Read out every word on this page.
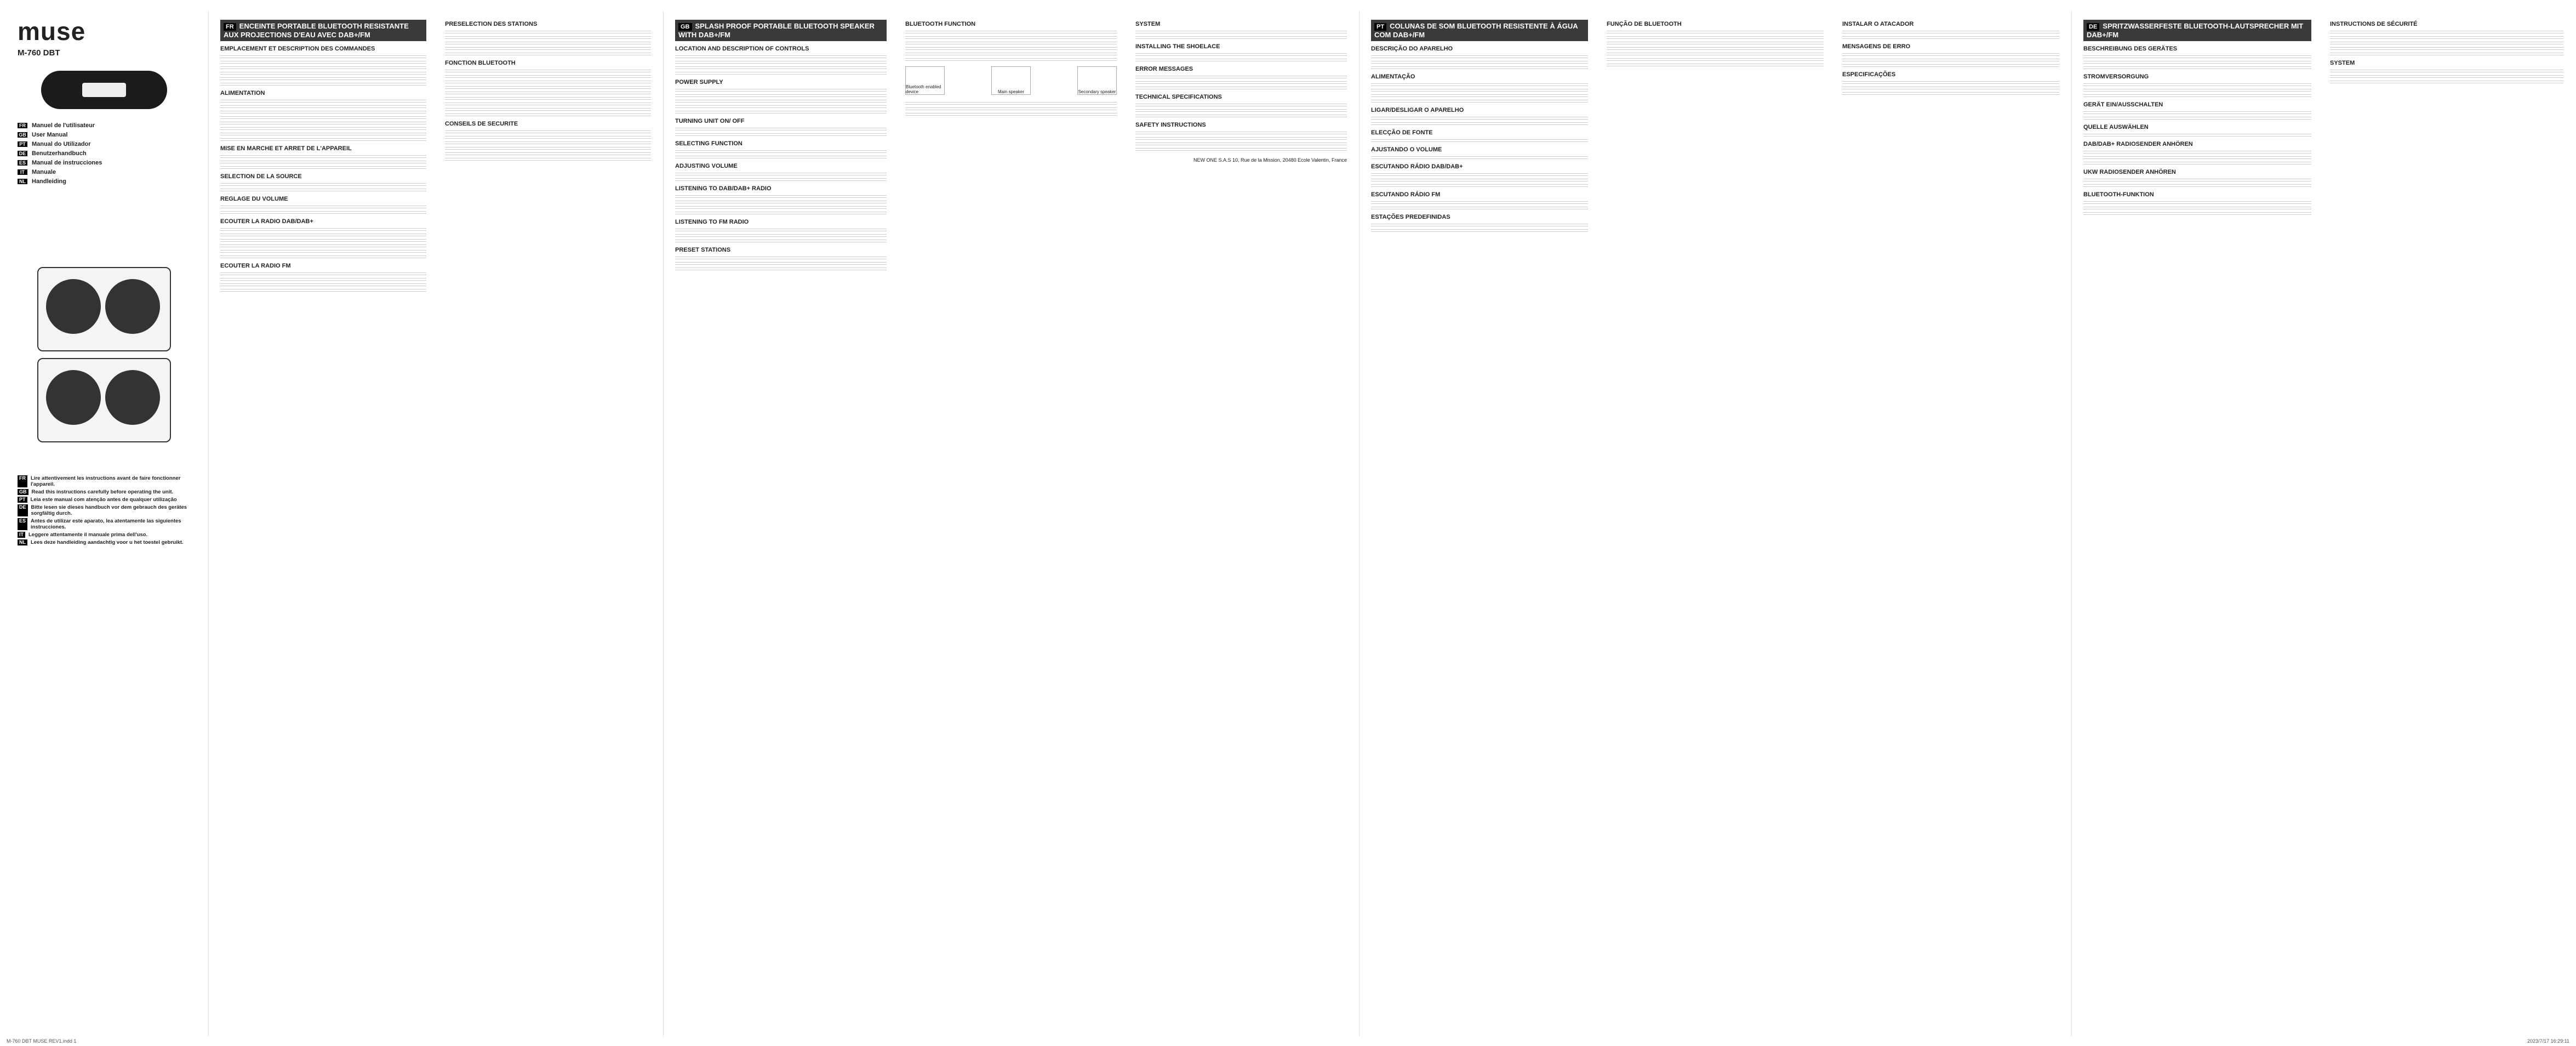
muse
M-760 DBT
FR Manuel de l'utilisateur
GB User Manual
PT Manual do Utilizador
DE Benutzerhandbuch
ES Manual de instrucciones
IT Manuale
NL Handleiding
FR Lire attentivement les instructions avant de faire fonctionner l'appareil.
GB Read this instructions carefully before operating the unit.
PT Leia este manual com atenção antes de qualquer utilização
DE Bitte lesen sie dieses handbuch vor dem gebrauch des gerätes sorgfältig durch.
ES Antes de utilizar este aparato, lea atentamente las siguientes instrucciones.
IT Leggere attentamente il manuale prima dell'uso.
NL Lees deze handleiding aandachtig voor u het toestel gebruikt.
FR ENCEINTE PORTABLE BLUETOOTH RESISTANTE AUX PROJECTIONS D'EAU AVEC DAB+/FM
EMPLACEMENT ET DESCRIPTION DES COMMANDES
ALIMENTATION
MISE EN MARCHE ET ARRET DE L'APPAREIL
SELECTION DE LA SOURCE
REGLAGE DU VOLUME
ECOUTER LA RADIO DAB/DAB+
ECOUTER LA RADIO FM
PRESELECTION DES STATIONS
FONCTION BLUETOOTH
CONSEILS DE SECURITE
GB SPLASH PROOF PORTABLE BLUETOOTH SPEAKER WITH DAB+/FM
LOCATION AND DESCRIPTION OF CONTROLS
POWER SUPPLY
TURNING UNIT ON/ OFF
SELECTING FUNCTION
ADJUSTING VOLUME
LISTENING TO DAB/DAB+ RADIO
LISTENING TO FM RADIO
PRESET STATIONS
BLUETOOTH FUNCTION
Bluetooth enabled device	Main speaker	Secondary speaker
SYSTEM
INSTALLING THE SHOELACE
ERROR MESSAGES
TECHNICAL SPECIFICATIONS
SAFETY INSTRUCTIONS
NEW ONE S.A.S 10, Rue de la Mission, 20480 Ecole Valentin, France
PT COLUNAS DE SOM BLUETOOTH RESISTENTE À ÁGUA COM DAB+/FM
DESCRIÇÃO DO APARELHO
ALIMENTAÇÃO
LIGAR/DESLIGAR O APARELHO
ELECÇÃO DE FONTE
AJUSTANDO O VOLUME
ESCUTANDO RÁDIO DAB/DAB+
ESCUTANDO RÁDIO FM
ESTAÇÕES PREDEFINIDAS
FUNÇÃO DE BLUETOOTH	INSTALAR O ATACADOR
MENSAGENS DE ERRO
ESPECIFICAÇÕES
DE SPRITZWASSERFESTE BLUETOOTH-LAUTSPRECHER MIT DAB+/FM
BESCHREIBUNG DES GERÄTES
STROMVERSORGUNG
GERÄT EIN/AUSSCHALTEN
QUELLE AUSWÄHLEN
DAB/DAB+ RADIOSENDER ANHÖREN
UKW RADIOSENDER ANHÖREN
BLUETOOTH-FUNKTION
INSTRUCTIONS DE SÉCURITÉ
SYSTEM
M-760 DBT MUSE REV1.indd 1	2023/7/17 16:29:11
